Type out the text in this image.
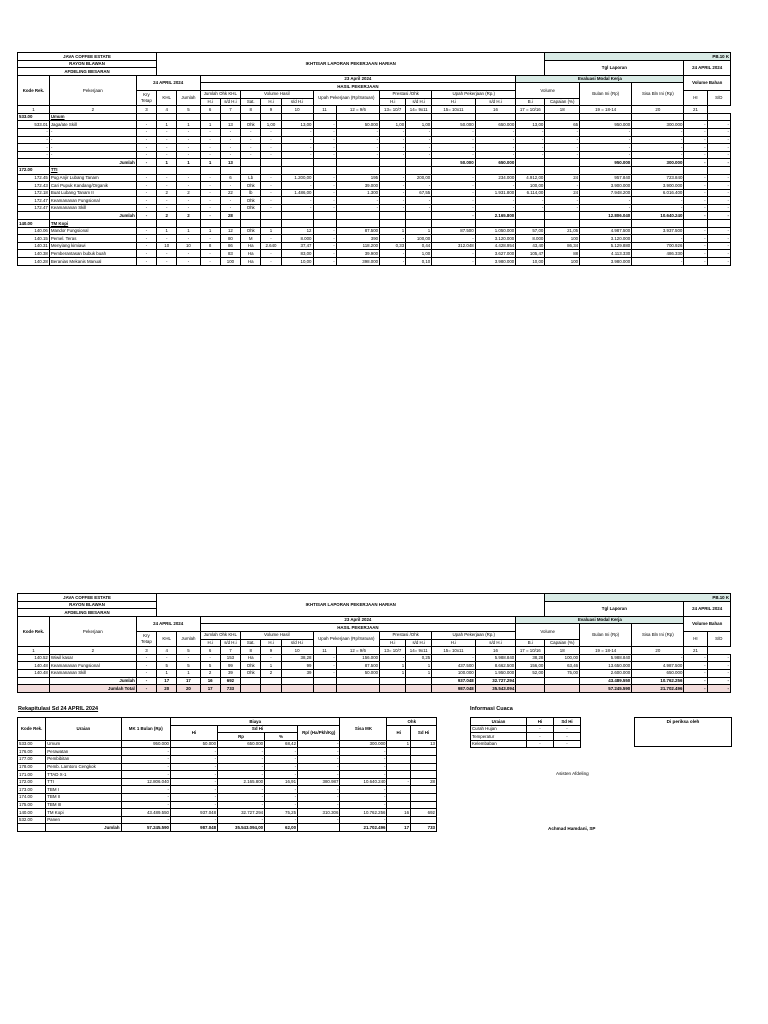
JAVA COFFEE ESTATE			IKHTISAR LAPORAN PEKERJAAN HARIAN														PB.10 K				
RAYON BLAWAN																	Tgl Laporan			24 APRIL 2024	
AFDELING BESARAN																					
Kode Rek.	Pekerjaan	24 APRIL 2024			23 April 2024											Evaluasi Modal Kerja				Volume Bahan	
					HASIL PEKERJAAN											Volume		Bulan Ini (Rp)	Sisa Bln Ini (Rp)		
		Kry Tetap	KHL	Jumlah	Jumlah Ohk KHL		Volume Hasil			Upah Pekerjaan (Rp/Satuan)		Prestasi /Ohk		Upah Pekerjaan (Rp.)						HI	S/D
					H.i	s/d H.i	Sat.	H.i	s/d H.i			H.i	s/d H.i	H.i	s/d H.i	B.i	Capaian (%)				
1	2	3	4	5	6	7	8	9	10	11	12 = 9/6	13= 10/7	14= 9x11	15= 10x11	16	17 = 10/16	18	19 = 18-14	20	21	
533.00	Umum																				
533.01	Jaga/ate Skill	-	1	1	1	13	Ohk	1,00	13,00	-	50.000	1,00	1,00	50.000	650.000	13,00	65	950.000	300.000	-	-
-	-	-	-	-	-	-	-	-	-	-	-	-	-	-	-	-	-	-	-	-	-
-	-	-	-	-	-	-	-	-	-	-	-	-	-	-	-	-	-	-	-	-	-
-	-	-	-	-	-	-	-	-	-	-	-	-	-	-	-	-	-	-	-	-	-
-	-	-	-	-	-	-	-	-	-	-	-	-	-	-	-	-	-	-	-	-	-
	Jumlah	-	1	1	1	13								50.000	650.000			950.000	300.000	-	-
172.00	TTI																				
172.45	Pug Anjir Lubang Tanam	-	-	-	-	6	Lb	-	1.200,00	-	195	-	200,00	-	234.000	4.912,00	24	957.840	723.840	-	-
172.43	Cari Pupuk Kandang/Organik	-	-	-	-	-	Ohk	-	-	-	39.000	-	-	-	-	100,00	-	3.900.000	3.900.000	-	-
172.18	Buat Lubang Tanam II	-	2	2	-	22	lb	-	1.486,00	-	1.300	-	67,55	-	1.931.800	6.114,00	24	7.948.200	6.016.400	-	-
172.47	Keamananan Fungsional	-	-	-	-	-	Ohk	-	-	-	-	-	-	-	-	-	-	-	-	-	-
172.47	Keamananan Skill	-	-	-	-	-	Ohk	-	-	-	-	-	-	-	-	-	-	-	-	-	-
	Jumlah	-	2	2	-	28								-	2.165.800			12.806.040	10.640.240	-	-
140.00	TM Kopi																				
140.06	Mandor Fungsional	-	1	1	1	12	Ohk	1	12	-	87.500	1	1	87.500	1.050.000	57,00	21,05	4.987.500	3.937.500	-	-
140.15	Pemel. Teras	-	-	-	-	80	M	-	8.000	-	390	-	100,00	-	3.120.000	8.000	100	3.120.000	-	-	-
140.31	Menyiang kimiawi	-	10	10	8	86	Ha	2.640	37,47	-	118.200	0,33	0,44	312.048	4.428.954	43,40	86,34	5.129.880	700.926	-	-
140.38	Pemberantasan bubuk buah	-	-	-	-	83	Ha	-	83,00	-	39.900	-	1,00	-	3.627.000	105,47	88	4.113.330	486.330	-	-
140.28	Beranias Mekanis Manual	-	-	-	-	100	Ha	-	10,00	-	398.000	-	0,10	-	3.980.000	10,00	100	3.980.000	-	-	-
JAVA COFFEE ESTATE			IKHTISAR LAPORAN PEKERJAAN HARIAN														PB.10 K				
RAYON BLAWAN																	Tgl Laporan			24 APRIL 2024	
AFDELING BESARAN																					
Kode Rek.	Pekerjaan	24 APRIL 2024			23 April 2024											Evaluasi Modal Kerja				Volume Bahan	
					HASIL PEKERJAAN											Volume		Bulan Ini (Rp)	Sisa Bln Ini (Rp)		
		Kry Tetap	KHL	Jumlah	Jumlah Ohk KHL		Volume Hasil			Upah Pekerjaan (Rp/Satuan)		Prestasi /Ohk		Upah Pekerjaan (Rp.)						HI	S/D
					H.i	s/d H.i	Sat.	H.i	s/d H.i			H.i	s/d H.i	H.i	s/d H.i	B.i	Capaian (%)				
1	2	3	4	5	6	7	8	9	10	11	12 = 9/6	13= 10/7	14= 9x11	15= 10x11	16	17 = 10/16	18	19 = 18-14	20	21	
140.52	Wiwil kasar	-	-	-	-	153	Ha	-	38,28	-	156.000	-	0,25	-	5.988.840	38,28	100,00	5.988.840	-	-	-
140.48	Keamananan Fungsional	-	5	5	5	99	Ohk	1	99	-	87.500	1	1	437.500	8.662.500	156,00	63,46	13.650.000	4.987.500	-	-
140.48	Keamananan Skill	-	1	1	2	39	Ohk	2	39	-	50.000	1	1	100.000	1.950.000	52,00	75,00	2.600.000	650.000	-	-
	Jumlah	-	17	17	16	692								937.048	32.727.294			43.489.550	10.762.256	-	-
	Jumlah Total	-	20	20	17	733								987.048	35.543.094			57.245.590	21.702.496	-	-
Rekapitulasi Sd 24 APRIL 2024
Kode Rek.	Uraian	MK 1 Bulan (Rp)	Biaya				Sisa MK	Ohk	
			Hi	Sd Hi		Rp/ (Ha/Pkh/Kg)		Hi	Sd Hi
				Rp	%				
533.00	Umum	950.000	50.000	650.000	68,42	-	300.000	1	13
176.00	Perawatan	-	-	-	-	-	-		
177.00	Pembibitan	-	-	-	-	-	-		
178.00	Pemb. Lamtoro Cengkok	-	-	-	-	-	-		
171.00	TTAD X-1	-	-	-	-	-	-		
172.00	TTI	12.806.040	-	2.165.800	16,91	380.987	10.640.240	-	28
173.00	TBM I	-	-	-	-	-	-		
174.00	TBM II	-	-	-	-	-	-		
175.00	TBM III	-	-	-	-	-	-		
140.00	TM Kopi	43.489.550	937.048	32.727.294	75,25	310.306	10.762.256	16	692
532.00	Panen	-	-	-	-	-	-		
	Jumlah	57.245.590	987.048	35.543.094,00	62,00		21.702.496	17	733
Informasi Cuaca
Uraian	Hi	Sd Hi
Curah Hujan	-	-
Temperatur	-	-
Kelembaban	-	-
Di periksa oleh
Asisten Afdeling
Achmad Hamdani, SP
